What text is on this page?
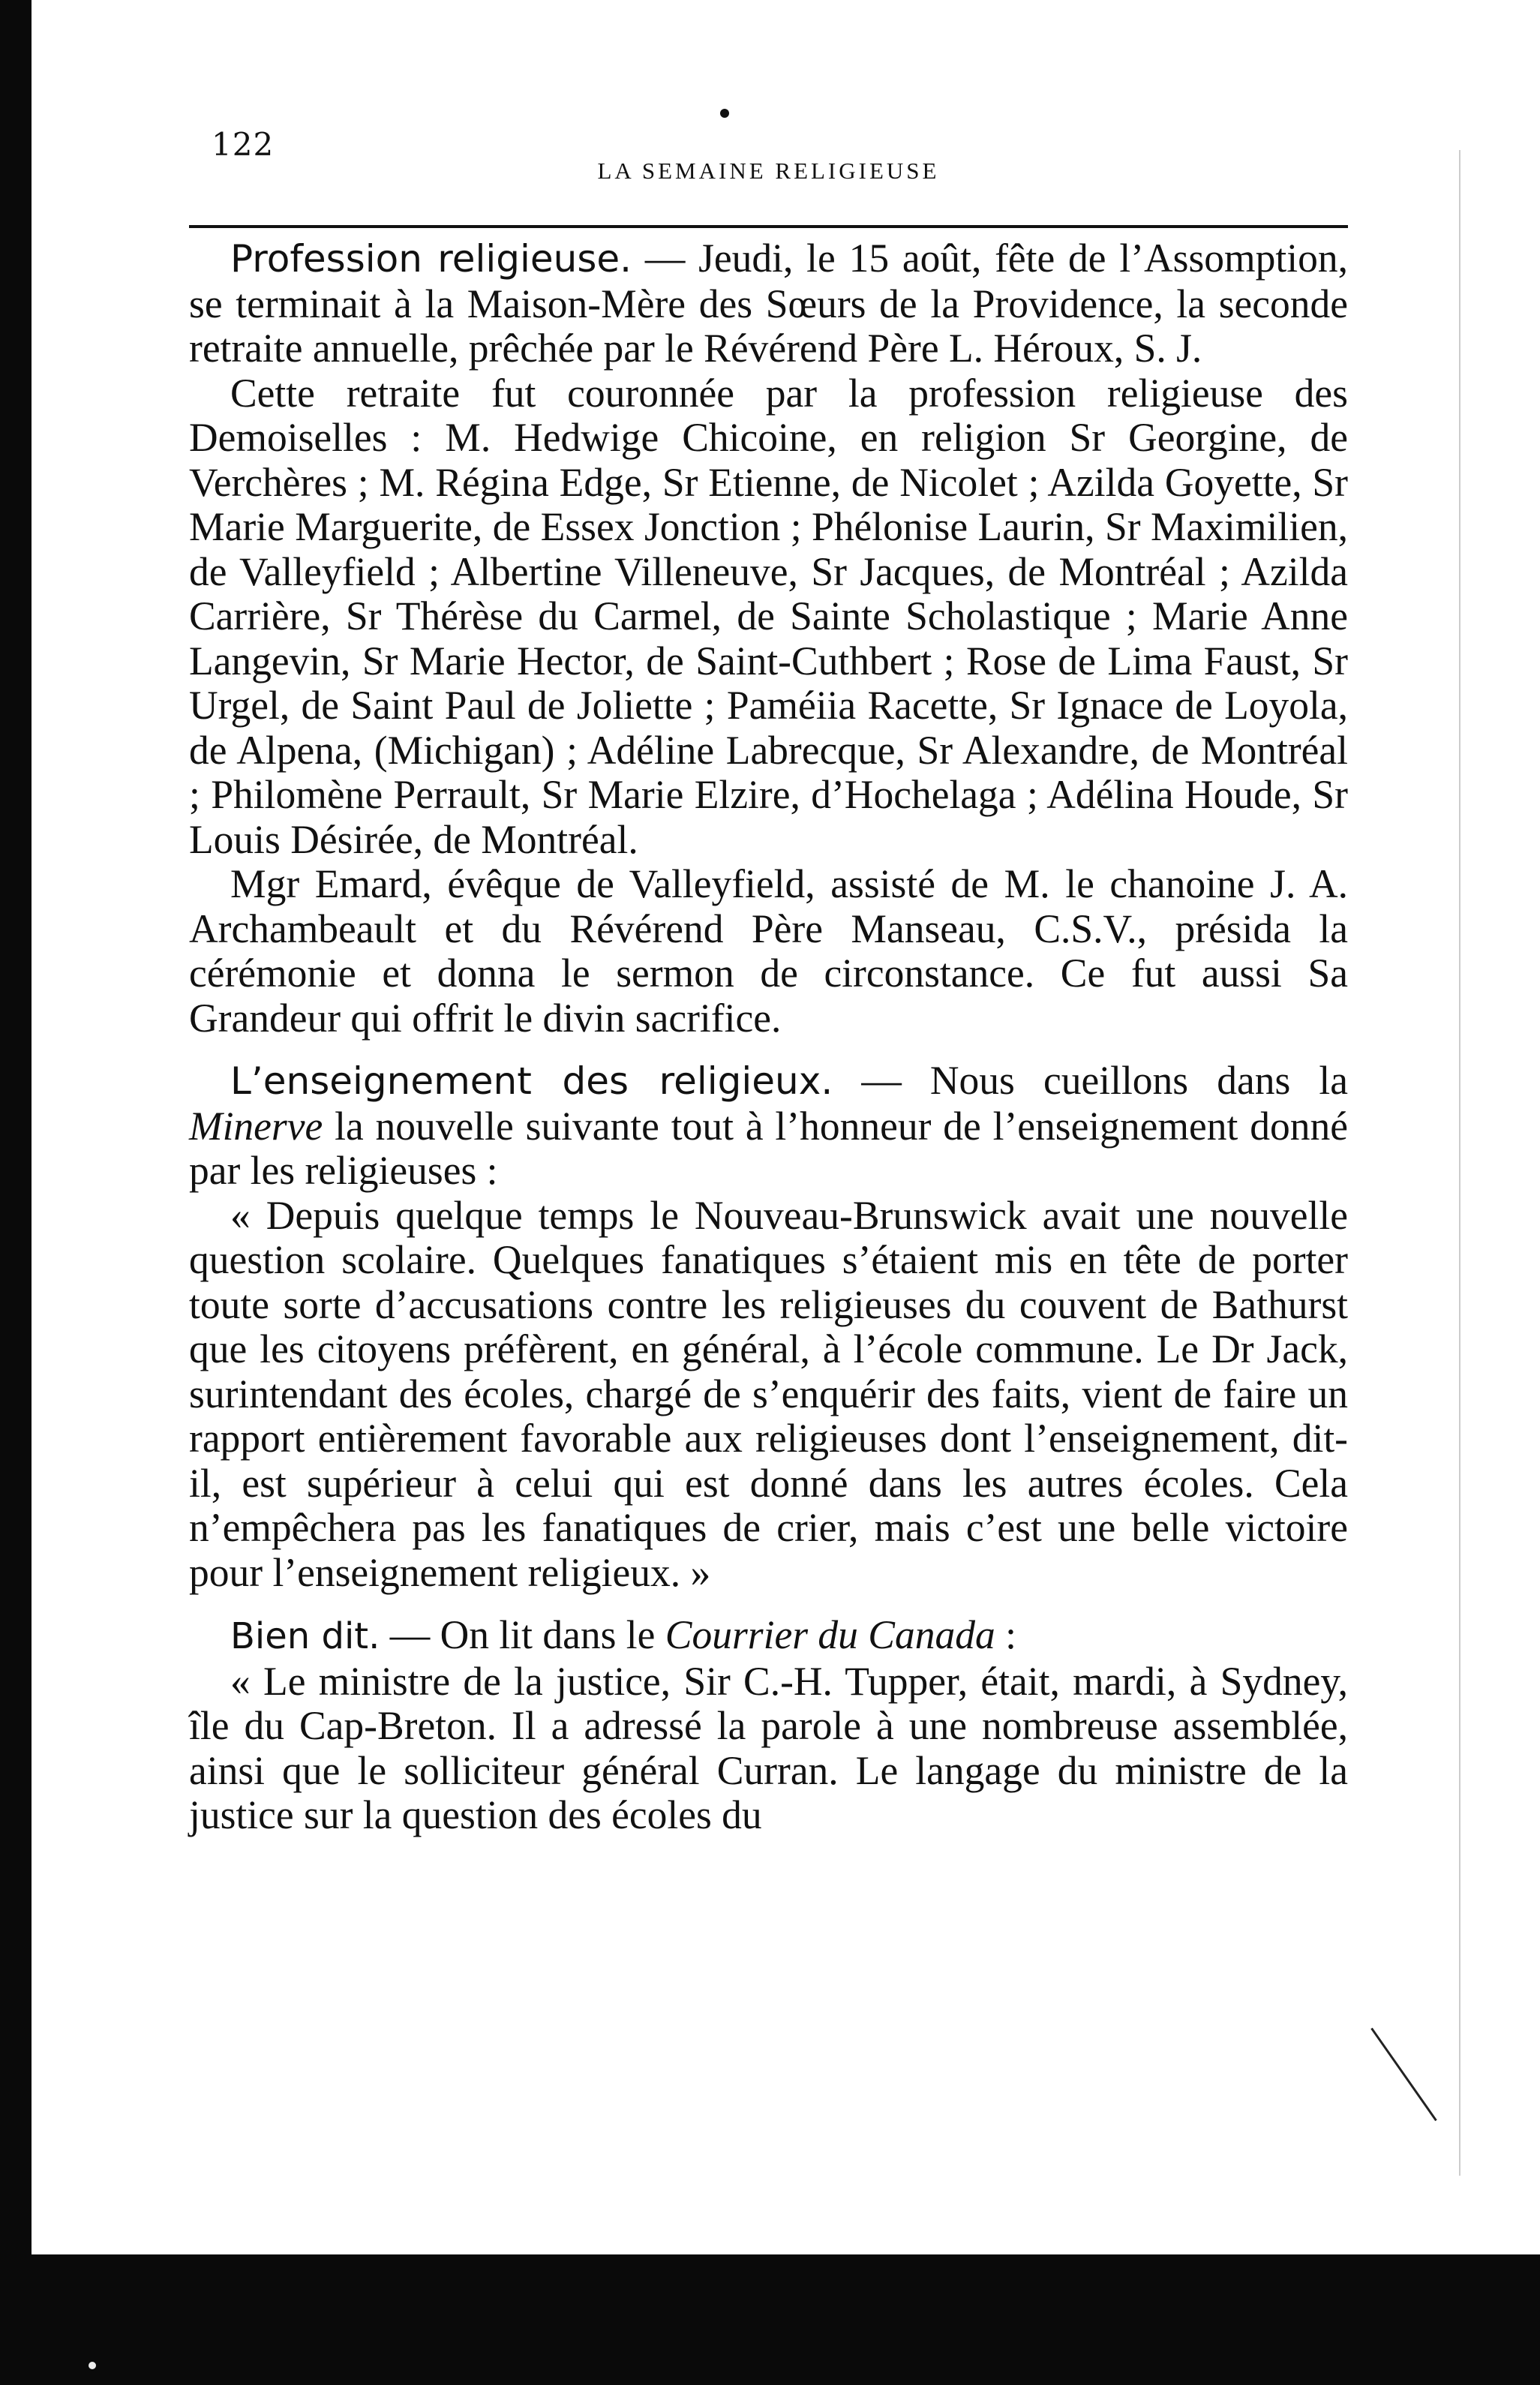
122
LA SEMAINE RELIGIEUSE

Profession religieuse. — Jeudi, le 15 août, fête de l’Assomption, se terminait à la Maison-Mère des Sœurs de la Providence, la seconde retraite annuelle, prêchée par le Révérend Père L. Héroux, S. J.

Cette retraite fut couronnée par la profession religieuse des Demoiselles : M. Hedwige Chicoine, en religion Sr Georgine, de Verchères ; M. Régina Edge, Sr Etienne, de Nicolet ; Azilda Goyette, Sr Marie Marguerite, de Essex Jonction ; Phélonise Laurin, Sr Maximilien, de Valleyfield ; Albertine Villeneuve, Sr Jacques, de Montréal ; Azilda Carrière, Sr Thérèse du Carmel, de Sainte Scholastique ; Marie Anne Langevin, Sr Marie Hector, de Saint-Cuthbert ; Rose de Lima Faust, Sr Urgel, de Saint Paul de Joliette ; Paméiia Racette, Sr Ignace de Loyola, de Alpena, (Michigan) ; Adéline Labrecque, Sr Alexandre, de Montréal ; Philomène Perrault, Sr Marie Elzire, d’Hochelaga ; Adélina Houde, Sr Louis Désirée, de Montréal.

Mgr Emard, évêque de Valleyfield, assisté de M. le chanoine J. A. Archambeault et du Révérend Père Manseau, C.S.V., présida la cérémonie et donna le sermon de circonstance. Ce fut aussi Sa Grandeur qui offrit le divin sacrifice.

L’enseignement des religieux. — Nous cueillons dans la Minerve la nouvelle suivante tout à l’honneur de l’enseignement donné par les religieuses :

« Depuis quelque temps le Nouveau-Brunswick avait une nouvelle question scolaire. Quelques fanatiques s’étaient mis en tête de porter toute sorte d’accusations contre les religieuses du couvent de Bathurst que les citoyens préfèrent, en général, à l’école commune. Le Dr Jack, surintendant des écoles, chargé de s’enquérir des faits, vient de faire un rapport entièrement favorable aux religieuses dont l’enseignement, dit-il, est supérieur à celui qui est donné dans les autres écoles. Cela n’empêchera pas les fanatiques de crier, mais c’est une belle victoire pour l’enseignement religieux. »

Bien dit. — On lit dans le Courrier du Canada :

« Le ministre de la justice, Sir C.-H. Tupper, était, mardi, à Sydney, île du Cap-Breton. Il a adressé la parole à une nombreuse assemblée, ainsi que le solliciteur général Curran. Le langage du ministre de la justice sur la question des écoles du
